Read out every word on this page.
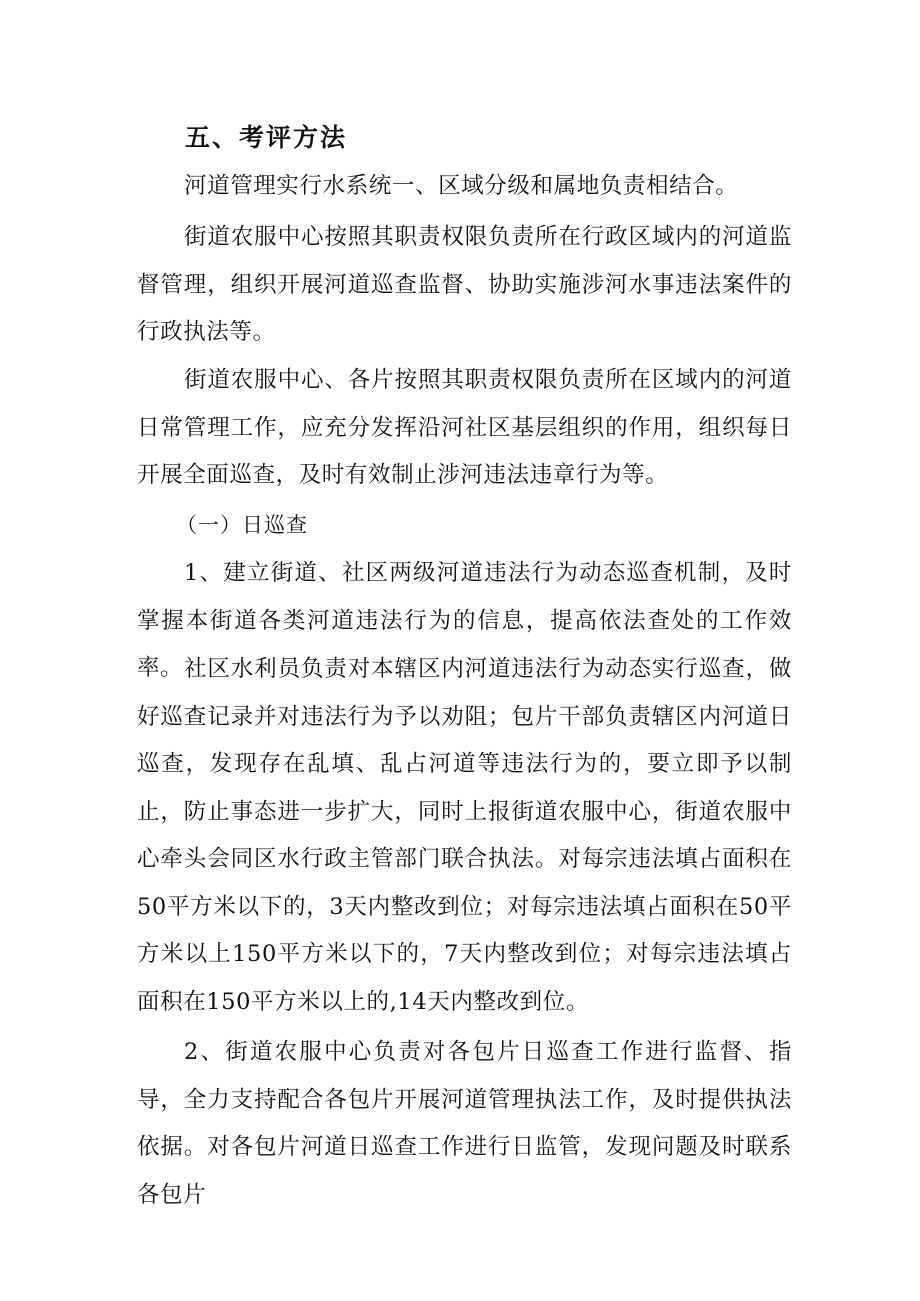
五、考评方法

河道管理实行水系统一、区域分级和属地负责相结合。

街道农服中心按照其职责权限负责所在行政区域内的河道监督管理，组织开展河道巡查监督、协助实施涉河水事违法案件的行政执法等。

街道农服中心、各片按照其职责权限负责所在区域内的河道日常管理工作，应充分发挥沿河社区基层组织的作用，组织每日开展全面巡查，及时有效制止涉河违法违章行为等。

（一）日巡查

1、建立街道、社区两级河道违法行为动态巡查机制，及时掌握本街道各类河道违法行为的信息，提高依法查处的工作效率。 社区水利员负责对本辖区内河道违法行为动态实行巡查，做好巡查记录并对违法行为予以劝阻；包片干部负责辖区内河道日巡查，发现存在乱填、乱占河道等违法行为的，要立即予以制止，防止事态进一步扩大，同时上报街道农服中心，街道农服中心牵头会同区水行政主管部门联合执法。对每宗违法填占面积在50平方米以下的，3天内整改到位；对每宗违法填占面积在50平方米以上150平方米以下的，7天内整改到位；对每宗违法填占面积在150平方米以上的,14天内整改到位。

2、街道农服中心负责对各包片日巡查工作进行监督、指导，全力支持配合各包片开展河道管理执法工作，及时提供执法依据。对各包片河道日巡查工作进行日监管，发现问题及时联系各包片
